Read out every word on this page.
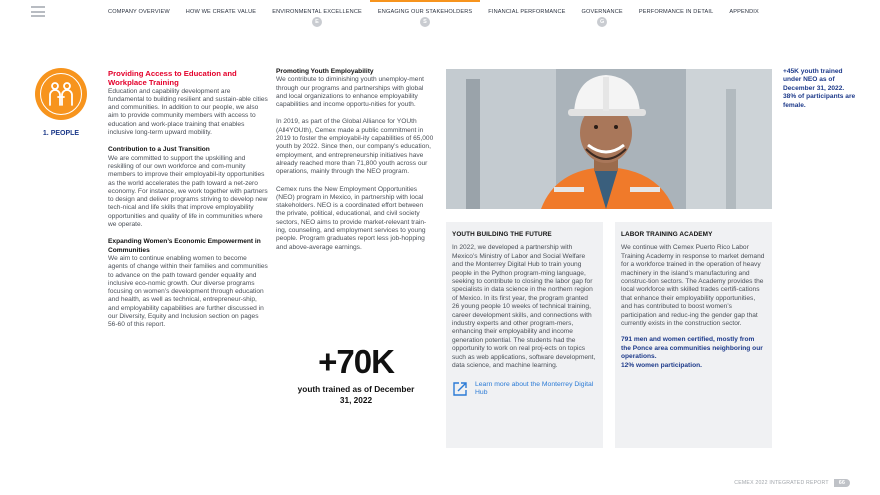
COMPANY OVERVIEW	HOW WE CREATE VALUE	ENVIRONMENTAL EXCELLENCE
E
ENGAGING OUR STAKEHOLDERS
S
FINANCIAL PERFORMANCE	GOVERNANCE
G
PERFORMANCE IN DETAIL	APPENDIX
1. PEOPLE
Providing Access to Education and Workplace Training

Education and capability development are fundamental to building resilient and sustain-able cities and communities. In addition to our people, we also aim to provide community members with access to education and work-place training that enables inclusive long-term upward mobility.

Contribution to a Just Transition

We are committed to support the upskilling and reskilling of our own workforce and com-munity members to improve their employabil-ity opportunities as the world accelerates the path toward a net-zero economy. For instance, we work together with partners to design and deliver programs striving to develop new tech-nical and life skills that improve employability opportunities and quality of life in communities where we operate.

Expanding Women’s Economic Empowerment in Communities

We aim to continue enabling women to become agents of change within their families and communities to advance on the path toward gender equality and inclusive eco-nomic growth. Our diverse programs focusing on women’s development through education and health, as well as technical, entrepreneur-ship, and employability capabilities are further discussed in our Diversity, Equity and Inclusion section on pages 56-60 of this report.

Promoting Youth Employability

We contribute to diminishing youth unemploy-ment through our programs and partnerships with global and local organizations to enhance employability capabilities and income opportu-nities for youth.

In 2019, as part of the Global Alliance for YOUth (All4YOUth), Cemex made a public commitment in 2019 to foster the employabil-ity capabilities of 65,000 youth by 2022. Since then, our company’s education, employment, and entrepreneurship initiatives have already reached more than 71,800 youth across our operations, mainly through the NEO program.

Cemex runs the New Employment Opportunities (NEO) program in Mexico, in partnership with local stakeholders. NEO is a coordinated effort between the private, political, educational, and civil society sectors, NEO aims to provide market-relevant train-ing, counseling, and employment services to young people. Program graduates report less job-hopping and above-average earnings.

+70K
youth trained as of December 31, 2022
YOUTH BUILDING THE FUTURE
In 2022, we developed a partnership with Mexico’s Ministry of Labor and Social Welfare and the Monterrey Digital Hub to train young people in the Python program-ming language, seeking to contribute to closing the labor gap for specialists in data science in the northern region of Mexico. In its first year, the program granted 26 young people 10 weeks of technical training, career development skills, and connections with industry experts and other program-mers, enhancing their employability and income generation potential. The students had the opportunity to work on real proj-ects on topics such as web applications, software development, data science, and machine learning.
Learn more about the Monterrey Digital Hub
LABOR TRAINING ACADEMY
We continue with Cemex Puerto Rico Labor Training Academy in response to market demand for a workforce trained in the operation of heavy machinery in the island’s manufacturing and construc-tion sectors. The Academy provides the local workforce with skilled trades certifi-cations that enhance their employability opportunities, and has contributed to boost women’s participation and reduc-ing the gender gap that currently exists in the construction sector.
791 men and women certified, mostly from the Ponce area communities neighboring our operations.
12% women participation.
+45K youth trained under NEO as of December 31, 2022. 38% of participants are female.
CEMEX 2022 INTEGRATED REPORT	66
